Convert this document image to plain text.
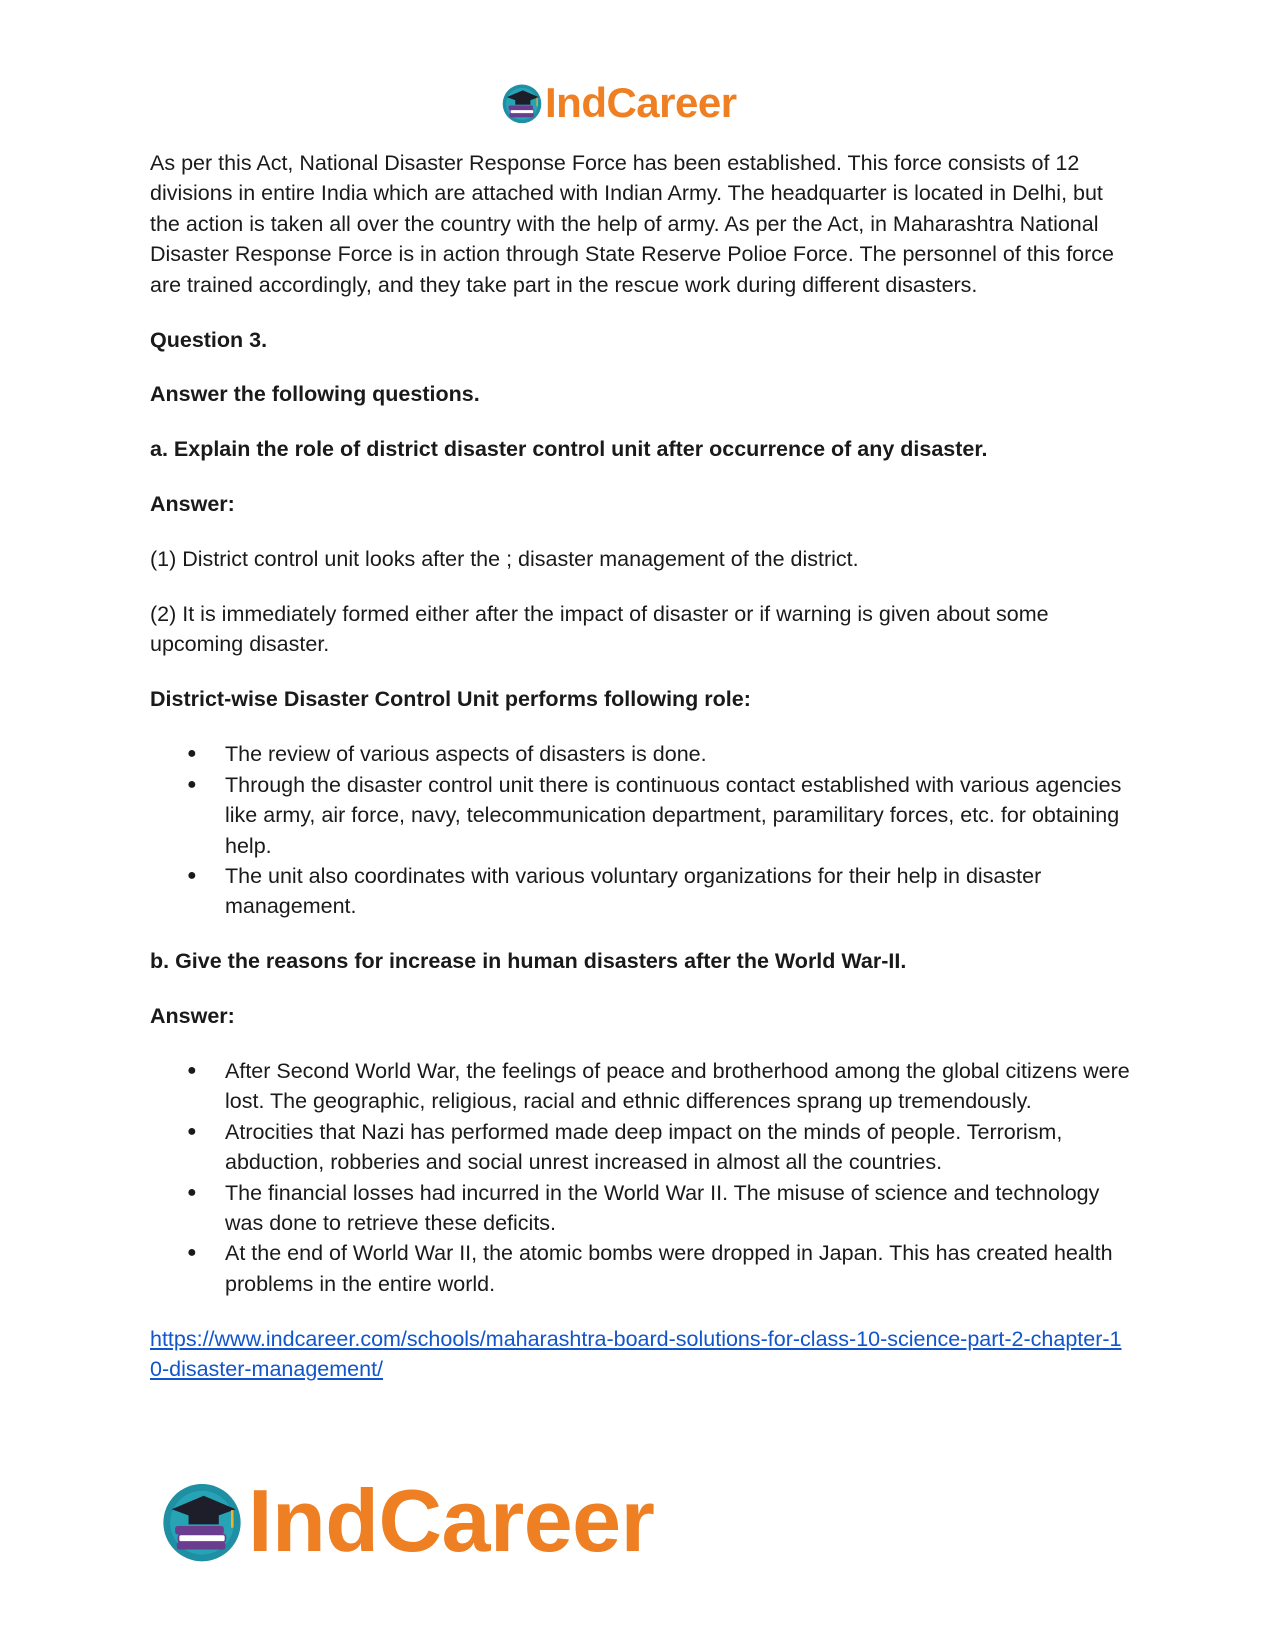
IndCareer

As per this Act, National Disaster Response Force has been established. This force consists of 12 divisions in entire India which are attached with Indian Army. The headquarter is located in Delhi, but the action is taken all over the country with the help of army. As per the Act, in Maharashtra National Disaster Response Force is in action through State Reserve Polioe Force. The personnel of this force are trained accordingly, and they take part in the rescue work during different disasters.

Question 3.

Answer the following questions.

a. Explain the role of district disaster control unit after occurrence of any disaster.

Answer:

(1) District control unit looks after the ; disaster management of the district.

(2) It is immediately formed either after the impact of disaster or if warning is given about some upcoming disaster.

District-wise Disaster Control Unit performs following role:

● The review of various aspects of disasters is done.
● Through the disaster control unit there is continuous contact established with various agencies like army, air force, navy, telecommunication department, paramilitary forces, etc. for obtaining help.
● The unit also coordinates with various voluntary organizations for their help in disaster management.

b. Give the reasons for increase in human disasters after the World War-II.

Answer:

● After Second World War, the feelings of peace and brotherhood among the global citizens were lost. The geographic, religious, racial and ethnic differences sprang up tremendously.
● Atrocities that Nazi has performed made deep impact on the minds of people. Terrorism, abduction, robberies and social unrest increased in almost all the countries.
● The financial losses had incurred in the World War II. The misuse of science and technology was done to retrieve these deficits.
● At the end of World War II, the atomic bombs were dropped in Japan. This has created health problems in the entire world.
https://www.indcareer.com/schools/maharashtra-board-solutions-for-class-10-science-part-2-chapter-10-disaster-management/
IndCareer
